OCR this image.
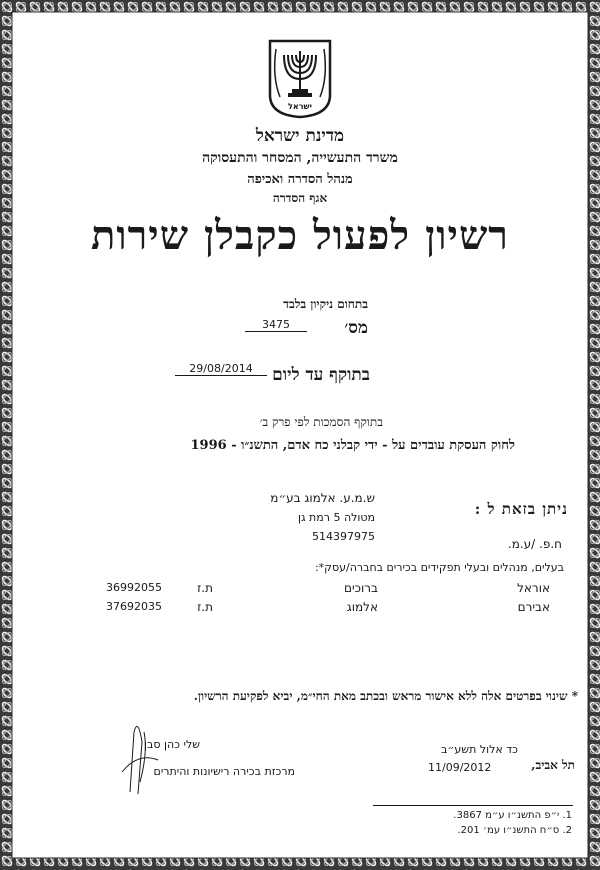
ישראל
מדינת ישראל
משרד התעשייה, המסחר והתעסוקה
מנהל הסדרה ואכיפה
אגף הסדרה
רשיון לפעול כקבלן שירות
בתחום ניקיון בלבד
מס׳
3475
בתוקף עד ליום
29/08/2014
בתוקף הסמכות לפי פרק ב׳
לחוק העסקת עובדים על - ידי קבלני כח אדם, התשנ״ו - 1996
ניתן בזאת ל :
ש.מ.ע. אלמוג בע״מ
מטולה 5 רמת גן
514397975
ח.פ. /ע.מ.
בעלים, מנהלים ובעלי תפקידים בכירים בחברה/עסק*:
אוראל
ברוכים
ת.ז
36992055
אבירם
אלמוג
ת.ז
37692035
* שינוי בפרטים אלה ללא אישור מראש ובכתב מאת החי״מ, יביא לפקיעת הרשיון.
שלי כהן סבן
מרכזת בכירה רישיונות והיתרים
כד אלול תשע״ב
תל אביב,
11/09/2012
1. י״פ התשנ״ו ע״מ 3867.
2. ס״ח התשנ״ו עמ׳ 201.
